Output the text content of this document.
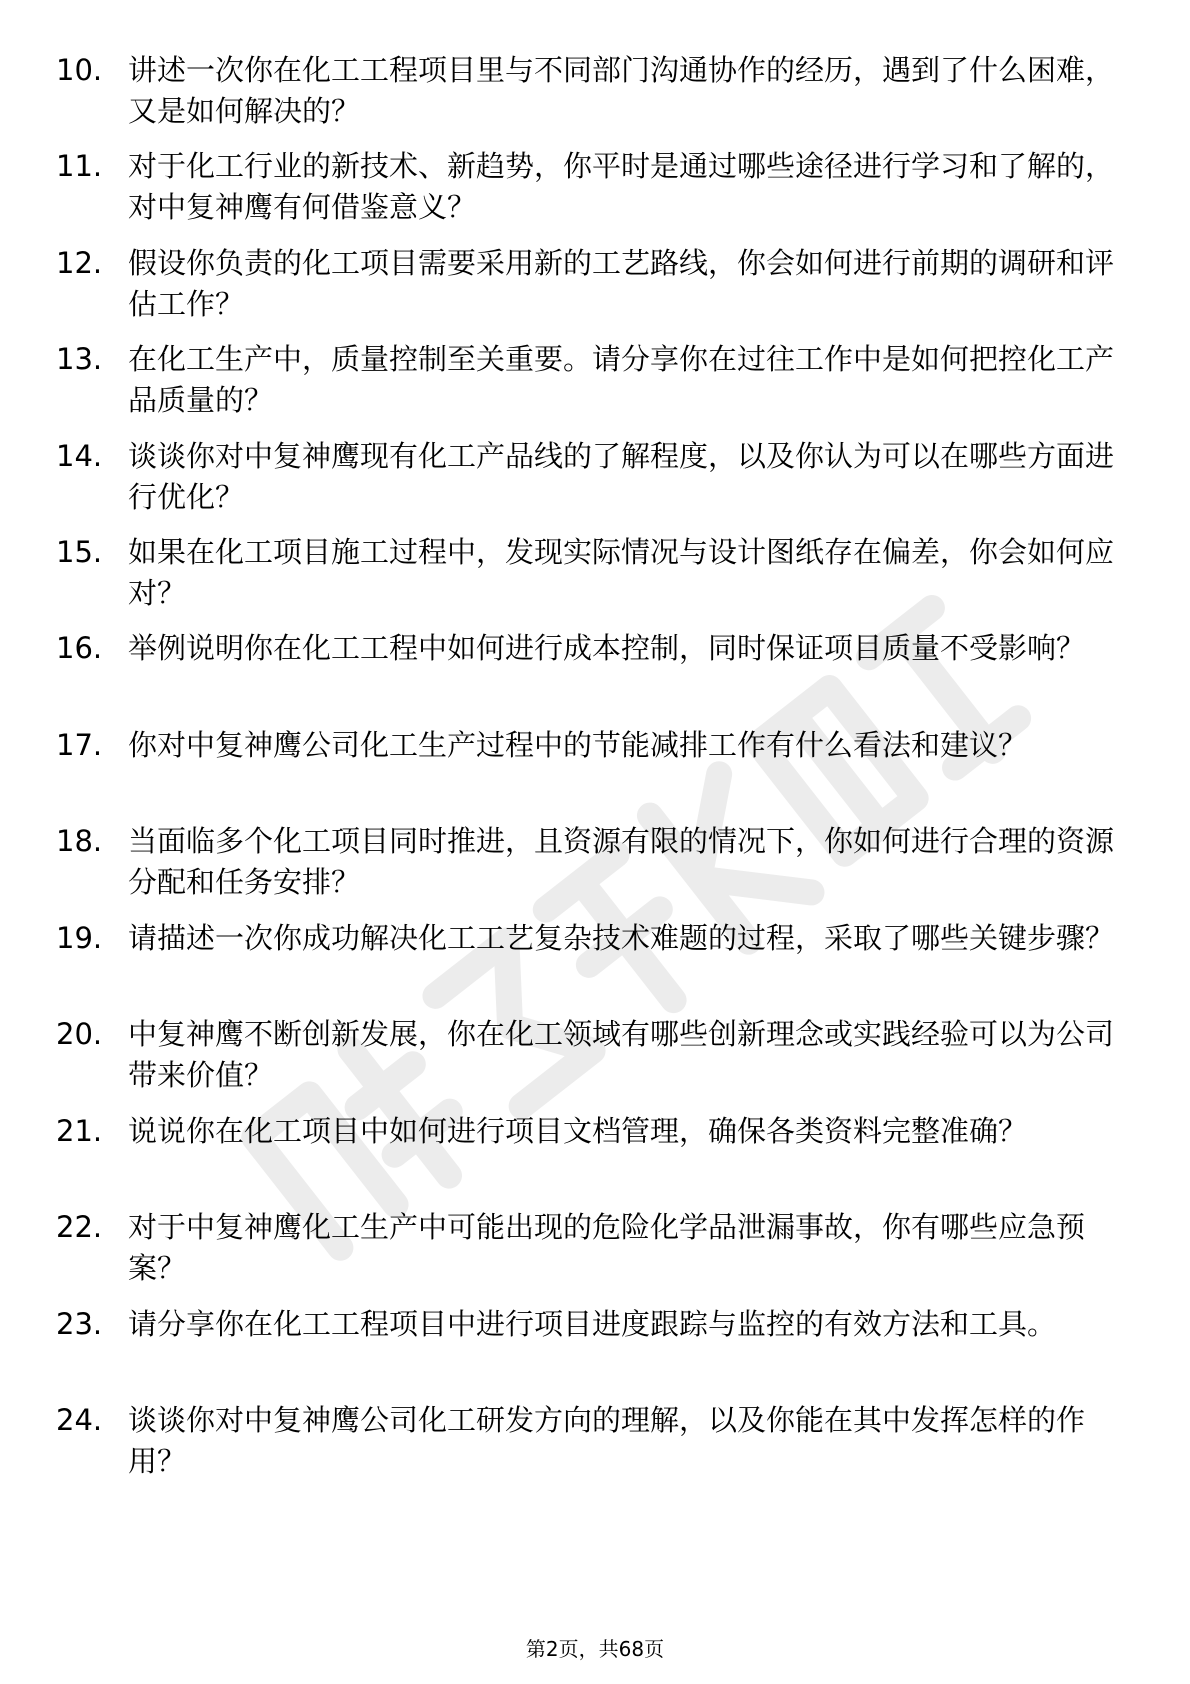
10. 讲述一次你在化工工程项目里与不同部门沟通协作的经历，遇到了什么困难，又是如何解决的？

11. 对于化工行业的新技术、新趋势，你平时是通过哪些途径进行学习和了解的，对中复神鹰有何借鉴意义？

12. 假设你负责的化工项目需要采用新的工艺路线，你会如何进行前期的调研和评估工作？

13. 在化工生产中，质量控制至关重要。请分享你在过往工作中是如何把控化工产品质量的？

14. 谈谈你对中复神鹰现有化工产品线的了解程度，以及你认为可以在哪些方面进行优化？

15. 如果在化工项目施工过程中，发现实际情况与设计图纸存在偏差，你会如何应对？

16. 举例说明你在化工工程中如何进行成本控制，同时保证项目质量不受影响？

17. 你对中复神鹰公司化工生产过程中的节能减排工作有什么看法和建议？

18. 当面临多个化工项目同时推进，且资源有限的情况下，你如何进行合理的资源分配和任务安排？

19. 请描述一次你成功解决化工工艺复杂技术难题的过程，采取了哪些关键步骤？

20. 中复神鹰不断创新发展，你在化工领域有哪些创新理念或实践经验可以为公司带来价值？

21. 说说你在化工项目中如何进行项目文档管理，确保各类资料完整准确？

22. 对于中复神鹰化工生产中可能出现的危险化学品泄漏事故，你有哪些应急预案？

23. 请分享你在化工工程项目中进行项目进度跟踪与监控的有效方法和工具。

24. 谈谈你对中复神鹰公司化工研发方向的理解，以及你能在其中发挥怎样的作用？

第2页，共68页
